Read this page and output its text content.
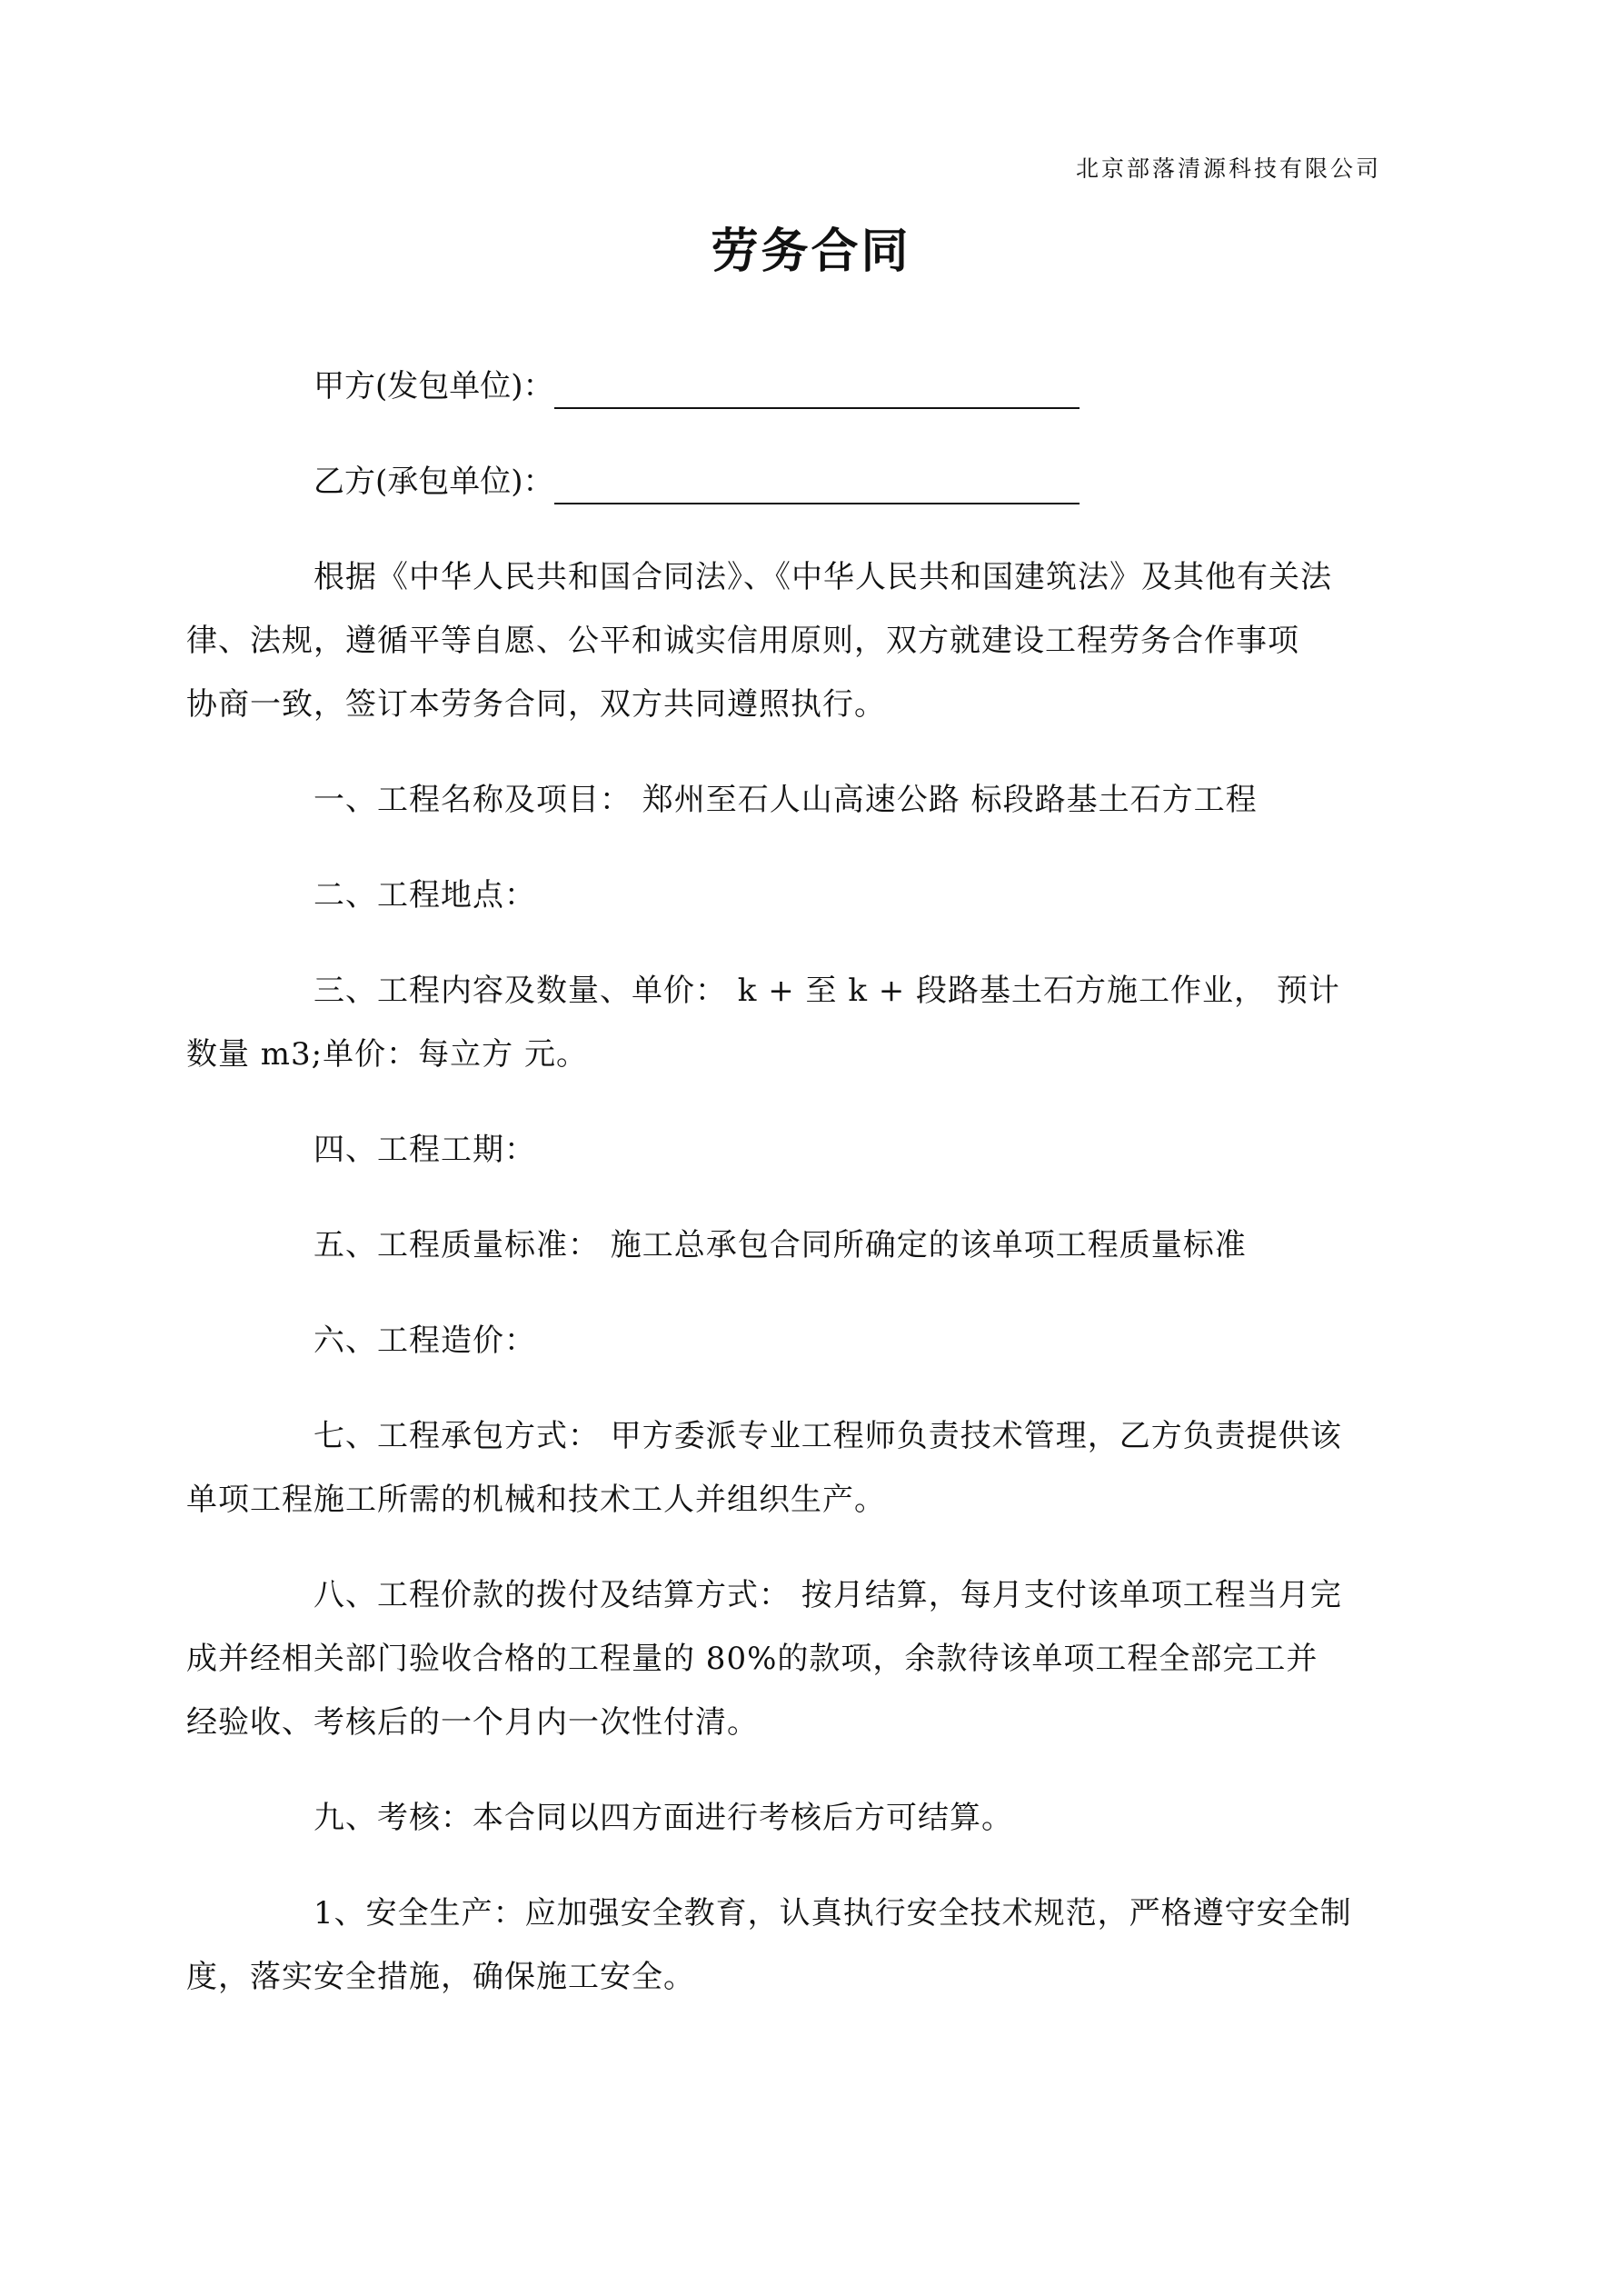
北京部落清源科技有限公司
劳务合同
甲方(发包单位)：
乙方(承包单位)：

根据《中华人民共和国合同法》、《中华人民共和国建筑法》及其他有关法
律、法规，遵循平等自愿、公平和诚实信用原则，双方就建设工程劳务合作事项
协商一致，签订本劳务合同，双方共同遵照执行。

一、工程名称及项目： 郑州至石人山高速公路 标段路基土石方工程

二、工程地点：

三、工程内容及数量、单价： k + 至 k + 段路基土石方施工作业， 预计
数量 m3;单价：每立方 元。

四、工程工期：

五、工程质量标准： 施工总承包合同所确定的该单项工程质量标准

六、工程造价：

七、工程承包方式： 甲方委派专业工程师负责技术管理，乙方负责提供该
单项工程施工所需的机械和技术工人并组织生产。

八、工程价款的拨付及结算方式： 按月结算，每月支付该单项工程当月完
成并经相关部门验收合格的工程量的 80%的款项，余款待该单项工程全部完工并
经验收、考核后的一个月内一次性付清。

九、考核：本合同以四方面进行考核后方可结算。

1、安全生产：应加强安全教育，认真执行安全技术规范，严格遵守安全制
度，落实安全措施，确保施工安全。
